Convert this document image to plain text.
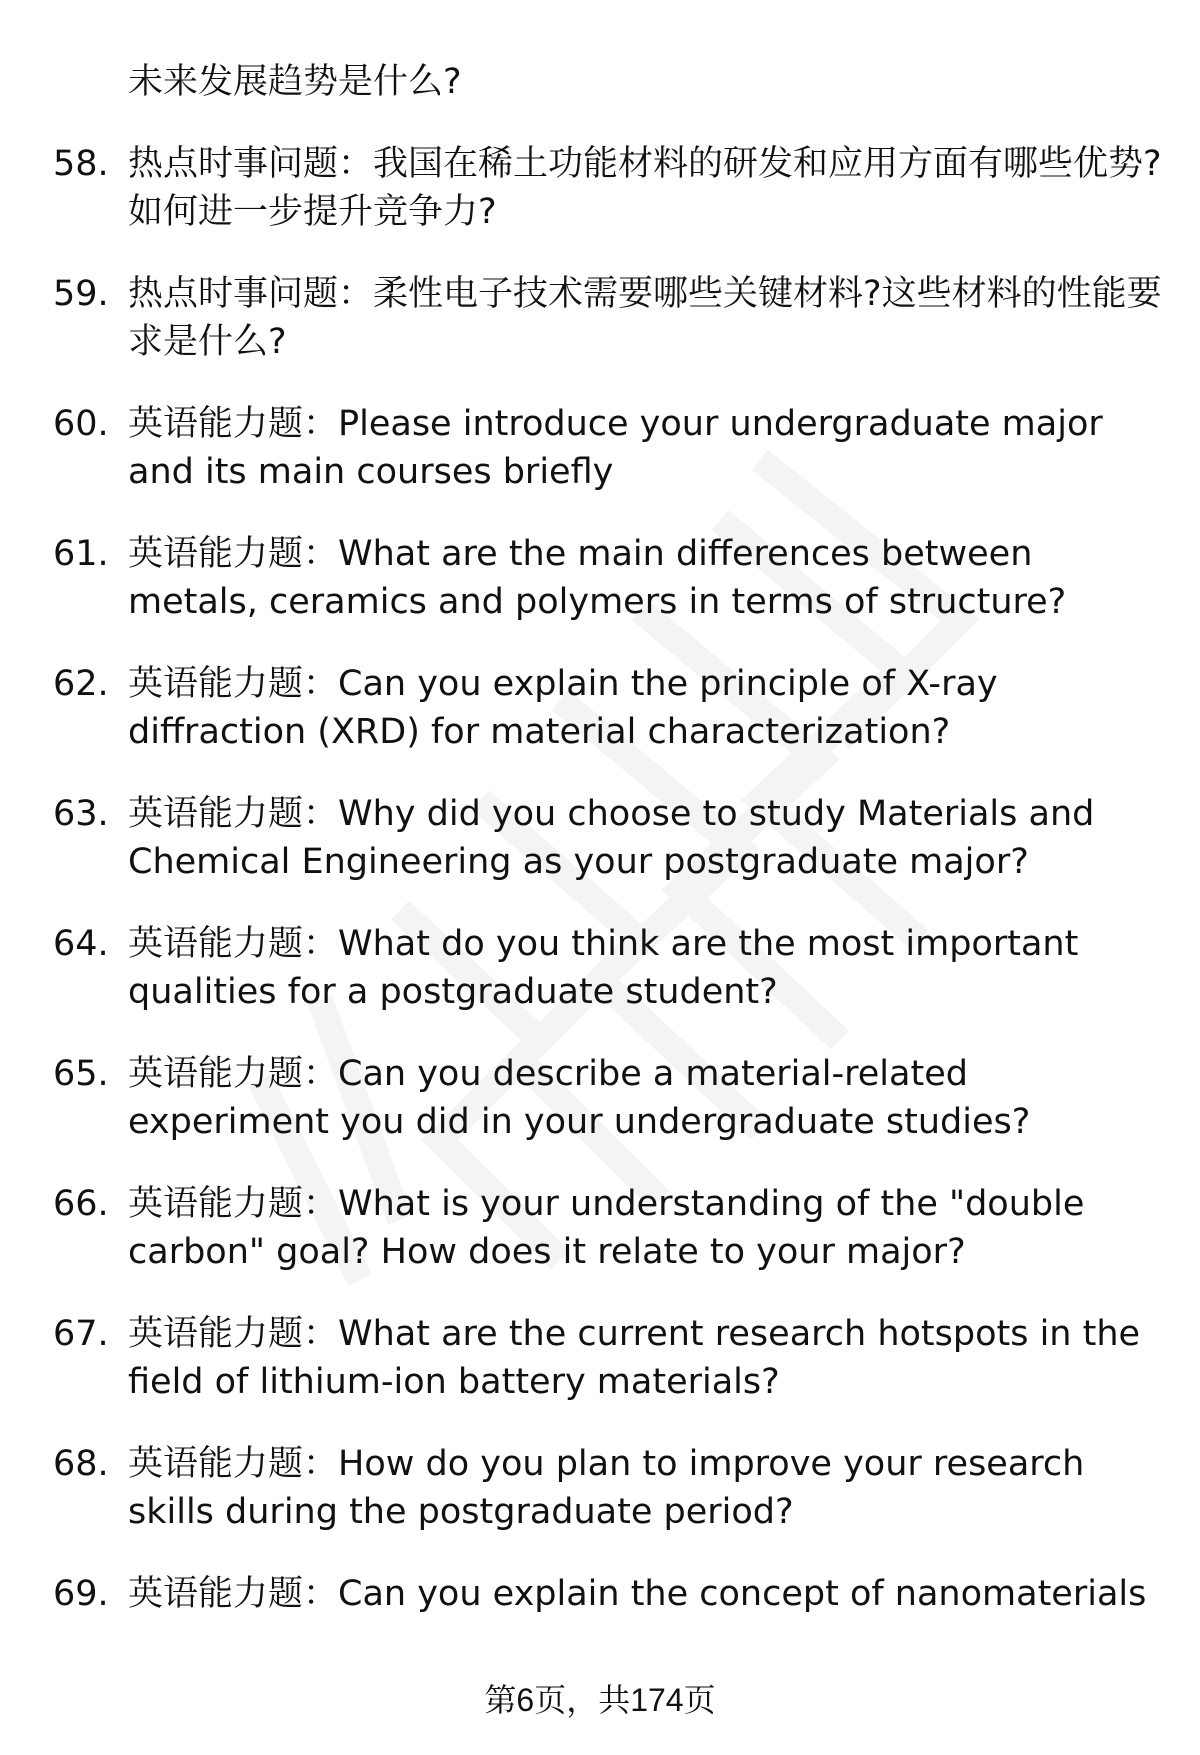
未来发展趋势是什么?
58. 热点时事问题：我国在稀土功能材料的研发和应用方面有哪些优势?如何进一步提升竞争力?
59. 热点时事问题：柔性电子技术需要哪些关键材料?这些材料的性能要求是什么?
60. 英语能力题：Please introduce your undergraduate major and its main courses briefly
61. 英语能力题：What are the main differences between metals, ceramics and polymers in terms of structure?
62. 英语能力题：Can you explain the principle of X-ray diffraction (XRD) for material characterization?
63. 英语能力题：Why did you choose to study Materials and Chemical Engineering as your postgraduate major?
64. 英语能力题：What do you think are the most important qualities for a postgraduate student?
65. 英语能力题：Can you describe a material-related experiment you did in your undergraduate studies?
66. 英语能力题：What is your understanding of the "double carbon" goal? How does it relate to your major?
67. 英语能力题：What are the current research hotspots in the field of lithium-ion battery materials?
68. 英语能力题：How do you plan to improve your research skills during the postgraduate period?
69. 英语能力题：Can you explain the concept of nanomaterials
第6页，共174页
